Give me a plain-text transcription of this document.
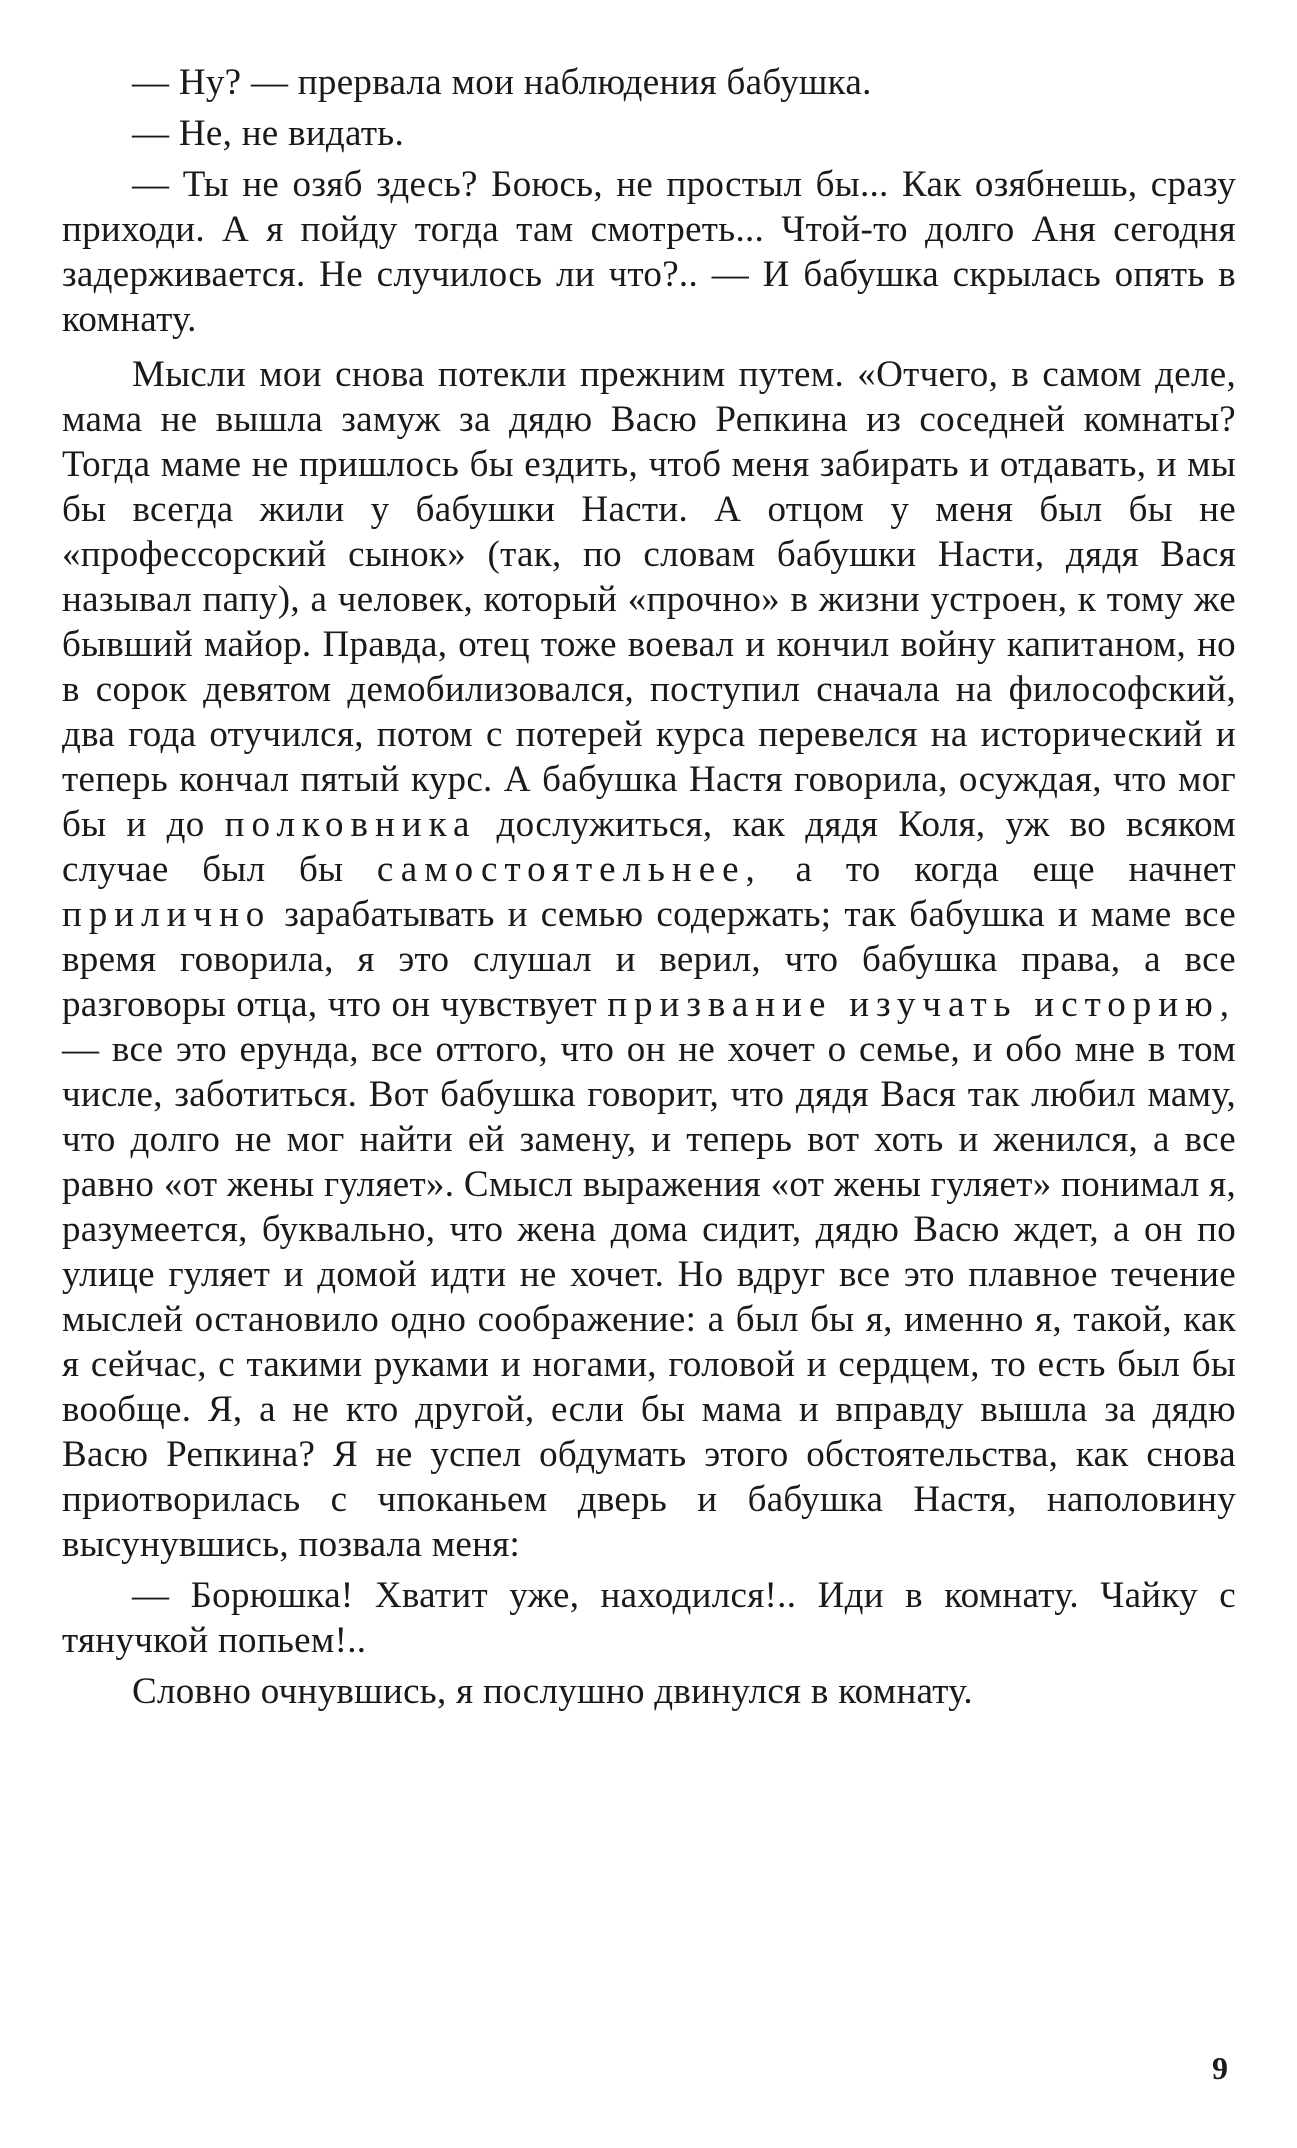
— Ну? — прервала мои наблюдения бабушка.

— Не, не видать.

— Ты не озяб здесь? Боюсь, не простыл бы... Как озябнешь, сразу приходи. А я пойду тогда там смотреть... Чтой-то долго Аня сегодня задерживается. Не случилось ли что?.. — И бабушка скрылась опять в комнату.

Мысли мои снова потекли прежним путем. «Отчего, в самом деле, мама не вышла замуж за дядю Васю Репкина из соседней комнаты? Тогда маме не пришлось бы ездить, чтоб меня забирать и отдавать, и мы бы всегда жили у бабушки Насти. А отцом у меня был бы не «профессорский сынок» (так, по словам бабушки Насти, дядя Вася называл папу), а человек, который «прочно» в жизни устроен, к тому же бывший майор. Правда, отец тоже воевал и кончил войну капитаном, но в сорок девятом демобилизовался, поступил сначала на философский, два года отучился, потом с потерей курса перевелся на исторический и теперь кончал пятый курс. А бабушка Настя говорила, осуждая, что мог бы и до полковника дослужиться, как дядя Коля, уж во всяком случае был бы самостоятельнее, а то когда еще начнет прилично зарабатывать и семью содержать; так бабушка и маме все время говорила, я это слушал и верил, что бабушка права, а все разговоры отца, что он чувствует призвание изучать историю,— все это ерунда, все оттого, что он не хочет о семье, и обо мне в том числе, заботиться. Вот бабушка говорит, что дядя Вася так любил маму, что долго не мог найти ей замену, и теперь вот хоть и женился, а все равно «от жены гуляет». Смысл выражения «от жены гуляет» понимал я, разумеется, буквально, что жена дома сидит, дядю Васю ждет, а он по улице гуляет и домой идти не хочет. Но вдруг все это плавное течение мыслей остановило одно соображение: а был бы я, именно я, такой, как я сейчас, с такими руками и ногами, головой и сердцем, то есть был бы вообще. Я, а не кто другой, если бы мама и вправду вышла за дядю Васю Репкина? Я не успел обдумать этого обстоятельства, как снова приотворилась с чпоканьем дверь и бабушка Настя, наполовину высунувшись, позвала меня:

— Борюшка! Хватит уже, находился!.. Иди в комнату. Чайку с тянучкой попьем!..

Словно очнувшись, я послушно двинулся в комнату.

9
